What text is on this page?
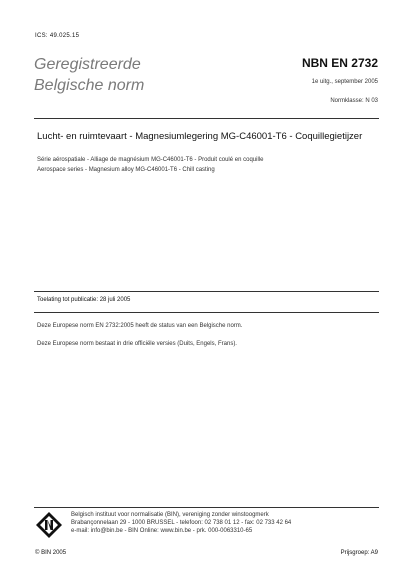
ICS: 49.025.15
Geregistreerde
Belgische norm
NBN EN 2732
1e uitg., september 2005
Normklasse: N 03
Lucht- en ruimtevaart - Magnesiumlegering MG-C46001-T6 - Coquillegietijzer
Série aérospatiale - Alliage de magnésium MG-C46001-T6 - Produit coulé en coquille
Aerospace series - Magnesium alloy MG-C46001-T6 - Chill casting
Toelating tot publicatie: 28 juli 2005
Deze Europese norm EN 2732:2005 heeft de status van een Belgische norm.
Deze Europese norm bestaat in drie officiële versies (Duits, Engels, Frans).
Belgisch instituut voor normalisatie (BIN), vereniging zonder winstoogmerk
Brabançonnelaan 29 - 1000 BRUSSEL - telefoon: 02 738 01 12 - fax: 02 733 42 64
e-mail: info@bin.be - BIN Online: www.bin.be - prk. 000-0063310-65
© BIN 2005	Prijsgroep: A9
